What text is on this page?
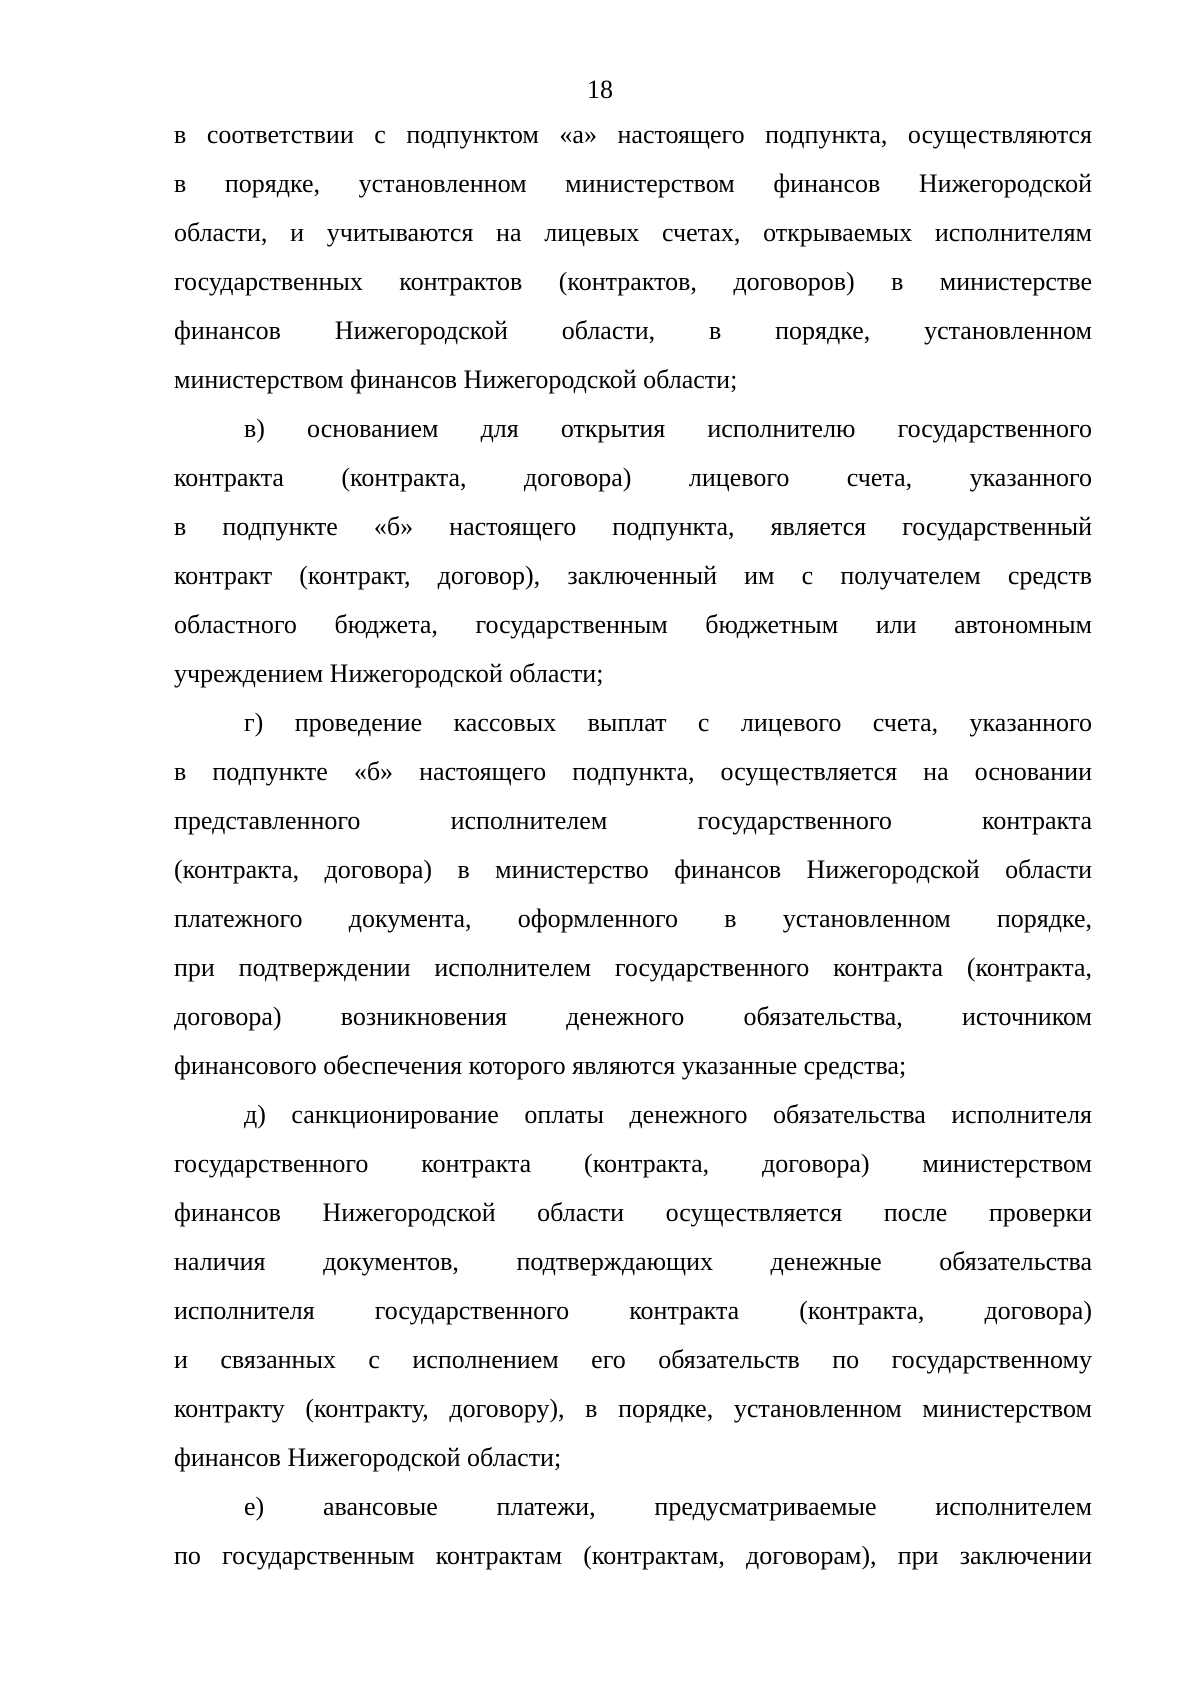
18

в соответствии с подпунктом «а» настоящего подпункта, осуществляются
в порядке, установленном министерством финансов Нижегородской
области, и учитываются на лицевых счетах, открываемых исполнителям
государственных контрактов (контрактов, договоров) в министерстве
финансов Нижегородской области, в порядке, установленном
министерством финансов Нижегородской области;

в) основанием для открытия исполнителю государственного
контракта (контракта, договора) лицевого счета, указанного
в подпункте «б» настоящего подпункта, является государственный
контракт (контракт, договор), заключенный им с получателем средств
областного бюджета, государственным бюджетным или автономным
учреждением Нижегородской области;

г) проведение кассовых выплат с лицевого счета, указанного
в подпункте «б» настоящего подпункта, осуществляется на основании
представленного исполнителем государственного контракта
(контракта, договора) в министерство финансов Нижегородской области
платежного документа, оформленного в установленном порядке,
при подтверждении исполнителем государственного контракта (контракта,
договора) возникновения денежного обязательства, источником
финансового обеспечения которого являются указанные средства;

д) санкционирование оплаты денежного обязательства исполнителя
государственного контракта (контракта, договора) министерством
финансов Нижегородской области осуществляется после проверки
наличия документов, подтверждающих денежные обязательства
исполнителя государственного контракта (контракта, договора)
и связанных с исполнением его обязательств по государственному
контракту (контракту, договору), в порядке, установленном министерством
финансов Нижегородской области;

е) авансовые платежи, предусматриваемые исполнителем
по государственным контрактам (контрактам, договорам), при заключении
